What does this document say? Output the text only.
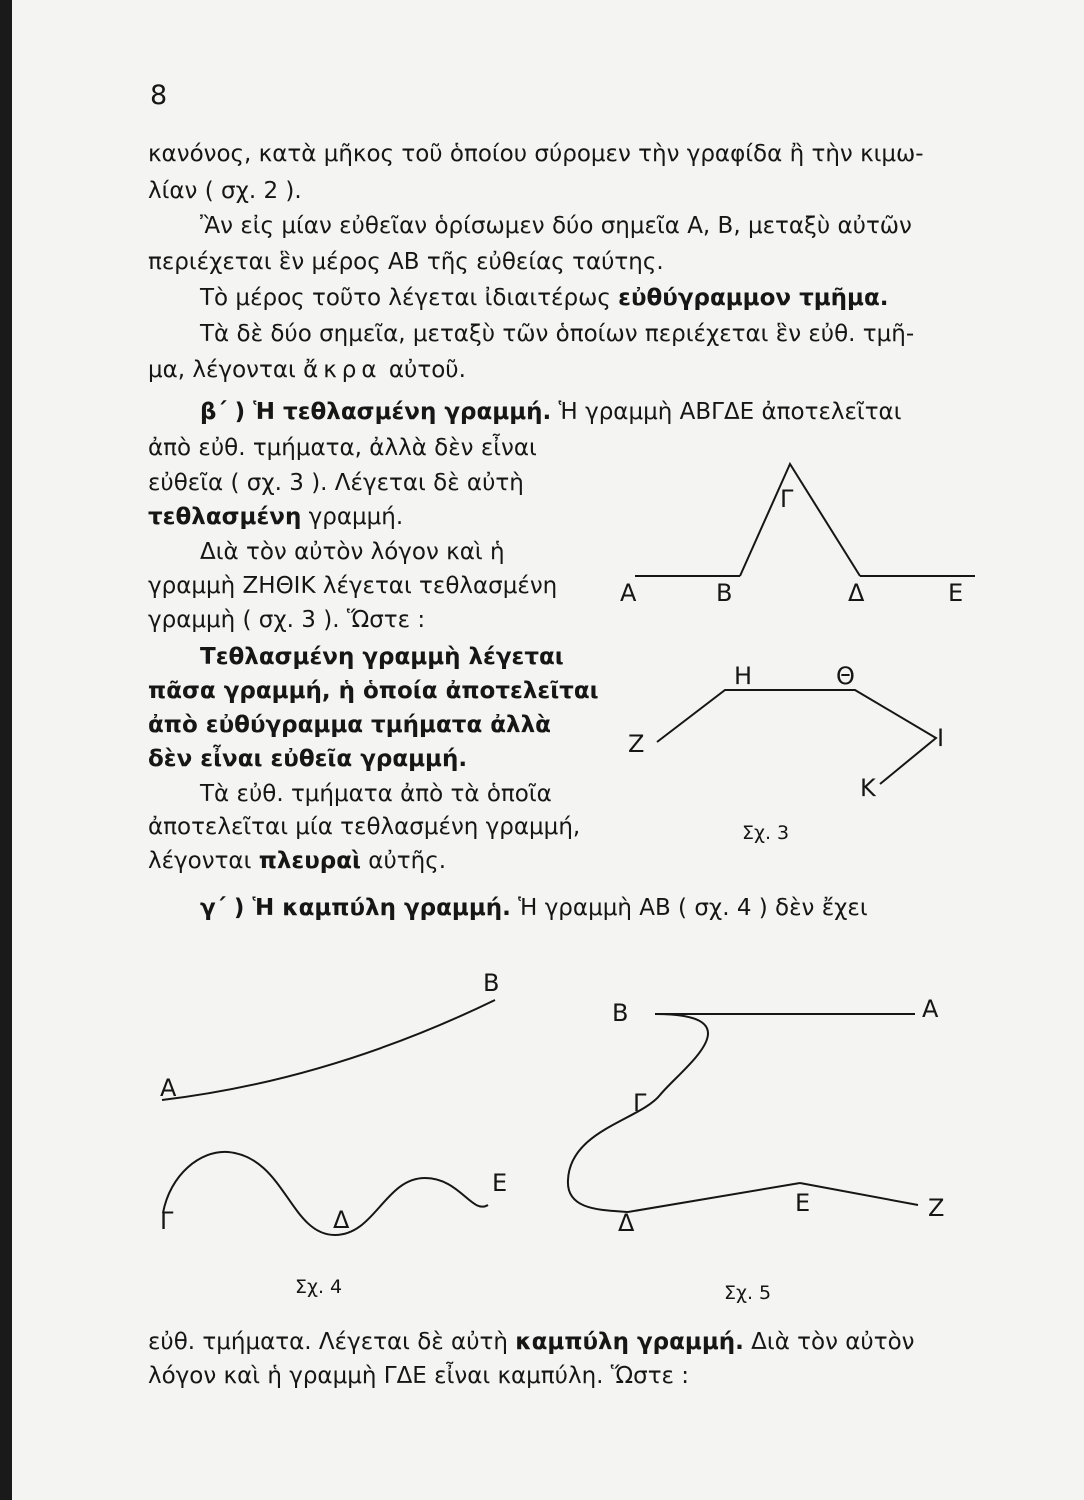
8
κανόνος, κατὰ μῆκος τοῦ ὁποίου σύρομεν τὴν γραφίδα ἢ τὴν κιμω-
λίαν ( σχ. 2 ).
Ἂν εἰς μίαν εὐθεῖαν ὁρίσωμεν δύο σημεῖα Α, Β, μεταξὺ αὐτῶν
περιέχεται ἓν μέρος ΑΒ τῆς εὐθείας ταύτης.
Τὸ μέρος τοῦτο λέγεται ἰδιαιτέρως εὐθύγραμμον τμῆμα.
Τὰ δὲ δύο σημεῖα, μεταξὺ τῶν ὁποίων περιέχεται ἓν εὐθ. τμῆ-
μα, λέγονται ἄκρα αὐτοῦ.
β΄ ) Ἡ τεθλασμένη γραμμή. Ἡ γραμμὴ ΑΒΓΔΕ ἀποτελεῖται
ἀπὸ εὐθ. τμήματα, ἀλλὰ δὲν εἶναι
εὐθεῖα ( σχ. 3 ). Λέγεται δὲ αὐτὴ
τεθλασμένη γραμμή.
Διὰ τὸν αὐτὸν λόγον καὶ ἡ
γραμμὴ ΖΗΘΙΚ λέγεται τεθλασμένη
γραμμὴ ( σχ. 3 ). Ὥστε :
Τεθλασμένη γραμμὴ λέγεται
πᾶσα γραμμή, ἡ ὁποία ἀποτελεῖται
ἀπὸ εὐθύγραμμα τμήματα ἀλλὰ
δὲν εἶναι εὐθεῖα γραμμή.
Τὰ εὐθ. τμήματα ἀπὸ τὰ ὁποῖα
ἀποτελεῖται μία τεθλασμένη γραμμή,
λέγονται πλευραὶ αὐτῆς.
γ΄ ) Ἡ καμπύλη γραμμή. Ἡ γραμμὴ ΑΒ ( σχ. 4 ) δὲν ἔχει
εὐθ. τμήματα. Λέγεται δὲ αὐτὴ καμπύλη γραμμή. Διὰ τὸν αὐτὸν
λόγον καὶ ἡ γραμμὴ ΓΔΕ εἶναι καμπύλη. Ὥστε :
Α	Β
Γ
Δ	Ε
Η	Θ
Ζ	Ι
Κ
Σχ. 3
Β
Α
Γ	Δ
Ε
Σχ. 4
Β	Α
Γ
Δ
Ε	Ζ
Σχ. 5
